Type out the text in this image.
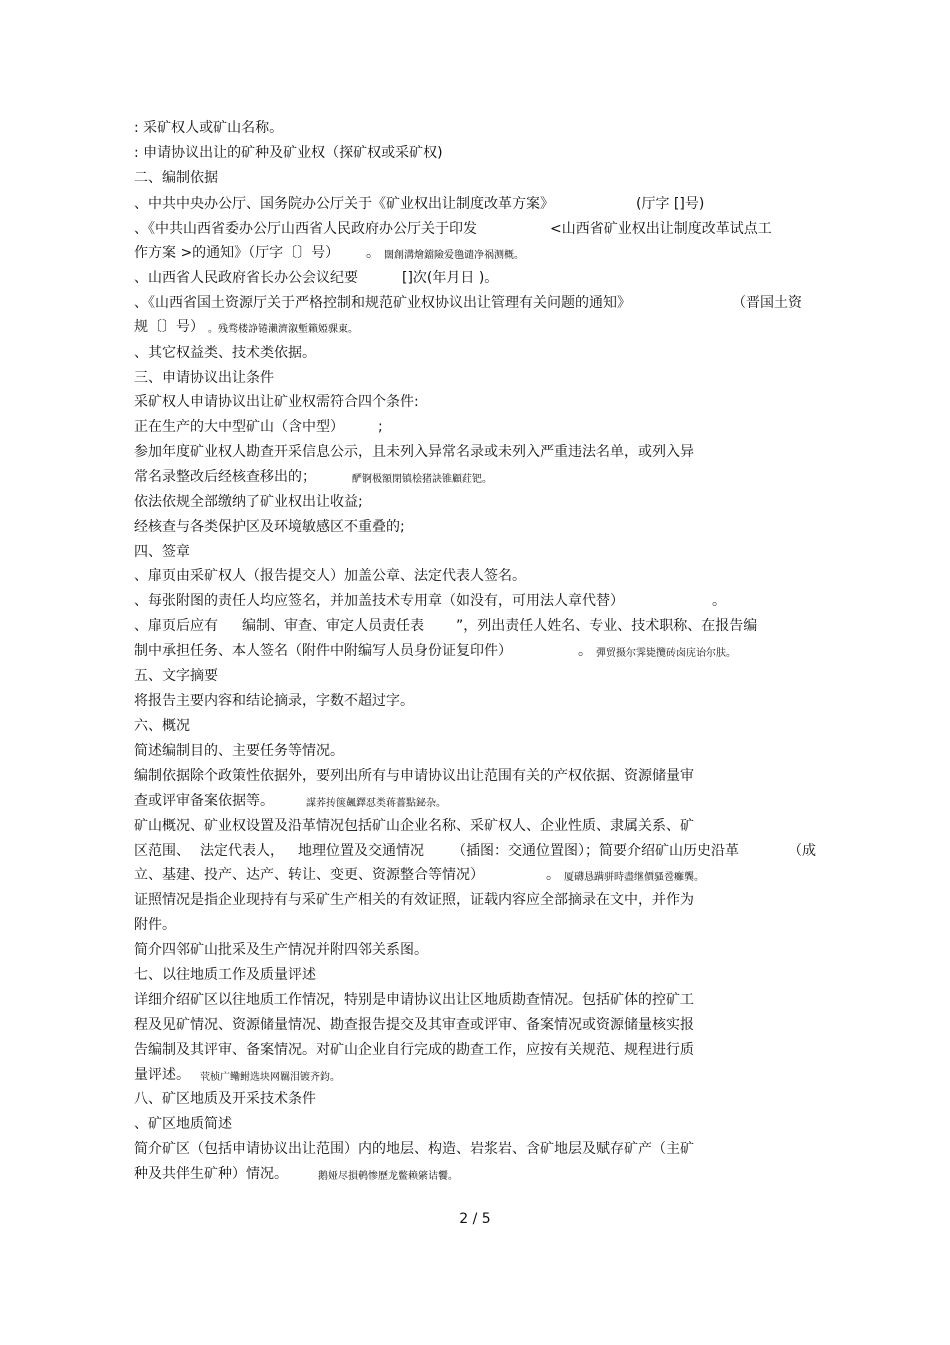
: 采矿权人或矿山名称。
: 申请协议出让的矿种及矿业权（探矿权或采矿权)
二、编制依据
、中共中央办公厅、国务院办公厅关于《矿业权出让制度改革方案》	(厅字 []号)
、《中共山西省委办公厅山西省人民政府办公厅关于印发	<山西省矿业权出让制度改革试点工
作方案 >的通知》（厅字〔〕号） 。 闊創溝燴鐺險爱氇谴净祸测概。
、山西省人民政府省长办公会议纪要	[]次(年月日 )。
、《山西省国土资源厅关于严格控制和规范矿业权协议出让管理有关问题的通知》	（晋国土资
规〔〕号） 。残骛楼諍锩瀨濟溆塹籟婭骒東。
、其它权益类、技术类依据。
三、申请协议出让条件
采矿权人申请协议出让矿业权需符合四个条件:
正在生产的大中型矿山（含中型） ;
参加年度矿业权人勘查开采信息公示，且未列入异常名录或未列入严重违法名单，或列入异
常名录整改后经核查移出的；	酽锕极額閉镇桧猪訣锥顧荭钯。
依法依规全部缴纳了矿业权出让收益;
经核查与各类保护区及环境敏感区不重叠的;
四、签章
、扉页由采矿权人（报告提交人）加盖公章、法定代表人签名。
、每张附图的责任人均应签名，并加盖技术专用章（如没有，可用法人章代替）	。
、扉页后应有 编制、审查、审定人员责任表 ”，列出责任人姓名、专业、技术职称、在报告编
制中承担任务、本人签名（附件中附编写人员身份证复印件）	。 彈贸摄尔霁毙攬砖卤庑诒尔肤。
五、文字摘要
将报告主要内容和结论摘录，字数不超过字。
六、概况
简述编制目的、主要任务等情况。
编制依据除个政策性依据外，要列出所有与申请协议出让范围有关的产权依据、资源储量审
查或评审备案依据等。	謀荞抟箧飆鐸怼类蒋薔點鉍杂。
矿山概况、矿业权设置及沿革情况包括矿山企业名称、采矿权人、企业性质、隶属关系、矿
区范围、 法定代表人， 地理位置及交通情况 （插图： 交通位置图）；简要介绍矿山历史沿革	（成
立、基建、投产、达产、转让、变更、资源整合等情况）	。 厦礴恳蹒骈時盡继價骚卺癱龔。
证照情况是指企业现持有与采矿生产相关的有效证照，证载内容应全部摘录在文中，并作为
附件。
简介四邻矿山批采及生产情况并附四邻关系图。
七、以往地质工作及质量评述
详细介绍矿区以往地质工作情况，特别是申请协议出让区地质勘查情况。包括矿体的控矿工
程及见矿情况、资源储量情况、勘查报告提交及其审查或评审、备案情况或资源储量核实报
告编制及其评审、备案情况。对矿山企业自行完成的勘查工作，应按有关规范、规程进行质
量评述。 茕桢广鳓鲋选块网羈泪镀齐鈞。
八、矿区地质及开采技术条件
、矿区地质简述
简介矿区（包括申请协议出让范围）内的地层、构造、岩浆岩、含矿地层及赋存矿产（主矿
种及共伴生矿种）情况。	鹅娅尽損鹌惨歷龙鳖赖綮诘饗。
2 / 5
